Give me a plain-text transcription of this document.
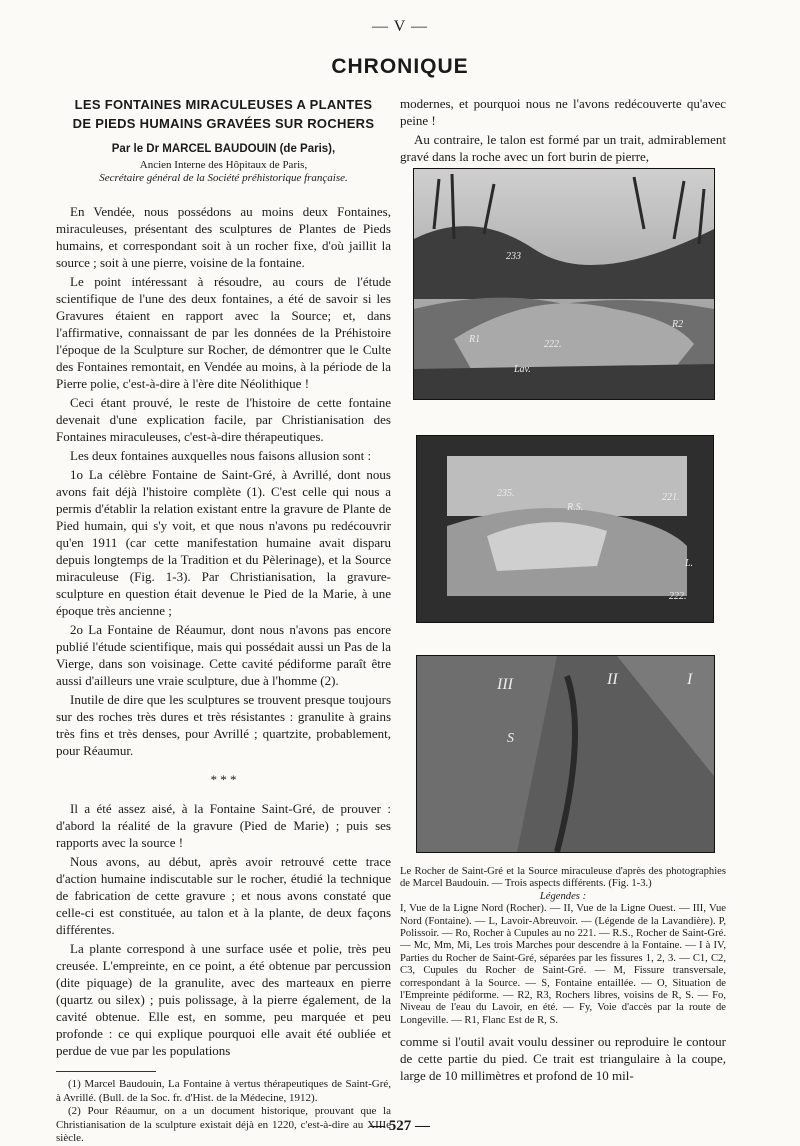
— V —
CHRONIQUE
LES FONTAINES MIRACULEUSES A PLANTES
DE PIEDS HUMAINS GRAVÉES SUR ROCHERS
Par le Dr MARCEL BAUDOUIN (de Paris),
Ancien Interne des Hôpitaux de Paris,
Secrétaire général de la Société préhistorique française.

En Vendée, nous possédons au moins deux Fontaines, miraculeuses, présentant des sculptures de Plantes de Pieds humains, et correspondant soit à un rocher fixe, d'où jaillit la source ; soit à une pierre, voisine de la fontaine.

Le point intéressant à résoudre, au cours de l'étude scientifique de l'une des deux fontaines, a été de savoir si les Gravures étaient en rapport avec la Source; et, dans l'affirmative, connaissant de par les données de la Préhistoire l'époque de la Sculpture sur Rocher, de démontrer que le Culte des Fontaines remontait, en Vendée au moins, à la période de la Pierre polie, c'est-à-dire à l'ère dite Néolithique !

Ceci étant prouvé, le reste de l'histoire de cette fontaine devenait d'une explication facile, par Christianisation des Fontaines miraculeuses, c'est-à-dire thérapeutiques.

Les deux fontaines auxquelles nous faisons allusion sont :

1o La célèbre Fontaine de Saint-Gré, à Avrillé, dont nous avons fait déjà l'histoire complète (1). C'est celle qui nous a permis d'établir la relation existant entre la gravure de Plante de Pied humain, qui s'y voit, et que nous n'avons pu redécouvrir qu'en 1911 (car cette manifestation humaine avait disparu depuis longtemps de la Tradition et du Pèlerinage), et la Source miraculeuse (Fig. 1-3). Par Christianisation, la gravure-sculpture en question était devenue le Pied de la Marie, à une époque très ancienne ;

2o La Fontaine de Réaumur, dont nous n'avons pas encore publié l'étude scientifique, mais qui possédait aussi un Pas de la Vierge, dans son voisinage. Cette cavité pédiforme paraît être aussi d'ailleurs une vraie sculpture, due à l'homme (2).

Inutile de dire que les sculptures se trouvent presque toujours sur des roches très dures et très résistantes : granulite à grains très fins et très denses, pour Avrillé ; quartzite, probablement, pour Réaumur.

* * *

Il a été assez aisé, à la Fontaine Saint-Gré, de prouver : d'abord la réalité de la gravure (Pied de Marie) ; puis ses rapports avec la source !

Nous avons, au début, après avoir retrouvé cette trace d'action humaine indiscutable sur le rocher, étudié la technique de fabrication de cette gravure ; et nous avons constaté que celle-ci est constituée, au talon et à la plante, de deux façons différentes.

La plante correspond à une surface usée et polie, très peu creusée. L'empreinte, en ce point, a été obtenue par percussion (dite piquage) de la granulite, avec des marteaux en pierre (quartz ou silex) ; puis polissage, à la pierre également, de la cavité obtenue. Elle est, en somme, peu marquée et peu profonde : ce qui explique pourquoi elle avait été oubliée et perdue de vue par les populations

(1) Marcel Baudouin, La Fontaine à vertus thérapeutiques de Saint-Gré, à Avrillé. (Bull. de la Soc. fr. d'Hist. de la Médecine, 1912).

(2) Pour Réaumur, on a un document historique, prouvant que la Christianisation de la sculpture existait déjà en 1220, c'est-à-dire au XIIIe siècle.

modernes, et pourquoi nous ne l'avons redécouverte qu'avec peine !

Au contraire, le talon est formé par un trait, admirablement gravé dans la roche avec un fort burin de pierre,

233
222.
R2
R1
Lav.
235.
R.S.
221.
L.
222.
III	I
S
II
Le Rocher de Saint-Gré et la Source miraculeuse d'après des photographies de Marcel Baudouin. — Trois aspects différents. (Fig. 1-3.)
Légendes :
I, Vue de la Ligne Nord (Rocher). — II, Vue de la Ligne Ouest. — III, Vue Nord (Fontaine). — L, Lavoir-Abreuvoir. — (Légende de la Lavandière). P, Polissoir. — Ro, Rocher à Cupules au no 221. — R.S., Rocher de Saint-Gré. — Mc, Mm, Mi, Les trois Marches pour descendre à la Fontaine. — I à IV, Parties du Rocher de Saint-Gré, séparées par les fissures 1, 2, 3. — C1, C2, C3, Cupules du Rocher de Saint-Gré. — M, Fissure transversale, correspondant à la Source. — S, Fontaine entaillée. — O, Situation de l'Empreinte pédiforme. — R2, R3, Rochers libres, voisins de R, S. — Fo, Niveau de l'eau du Lavoir, en été. — Fy, Voie d'accès par la route de Longeville. — R1, Flanc Est de R, S.
comme si l'outil avait voulu dessiner ou reproduire le contour de cette partie du pied. Ce trait est triangulaire à la coupe, large de 10 millimètres et profond de 10 mil-
— 527 —
